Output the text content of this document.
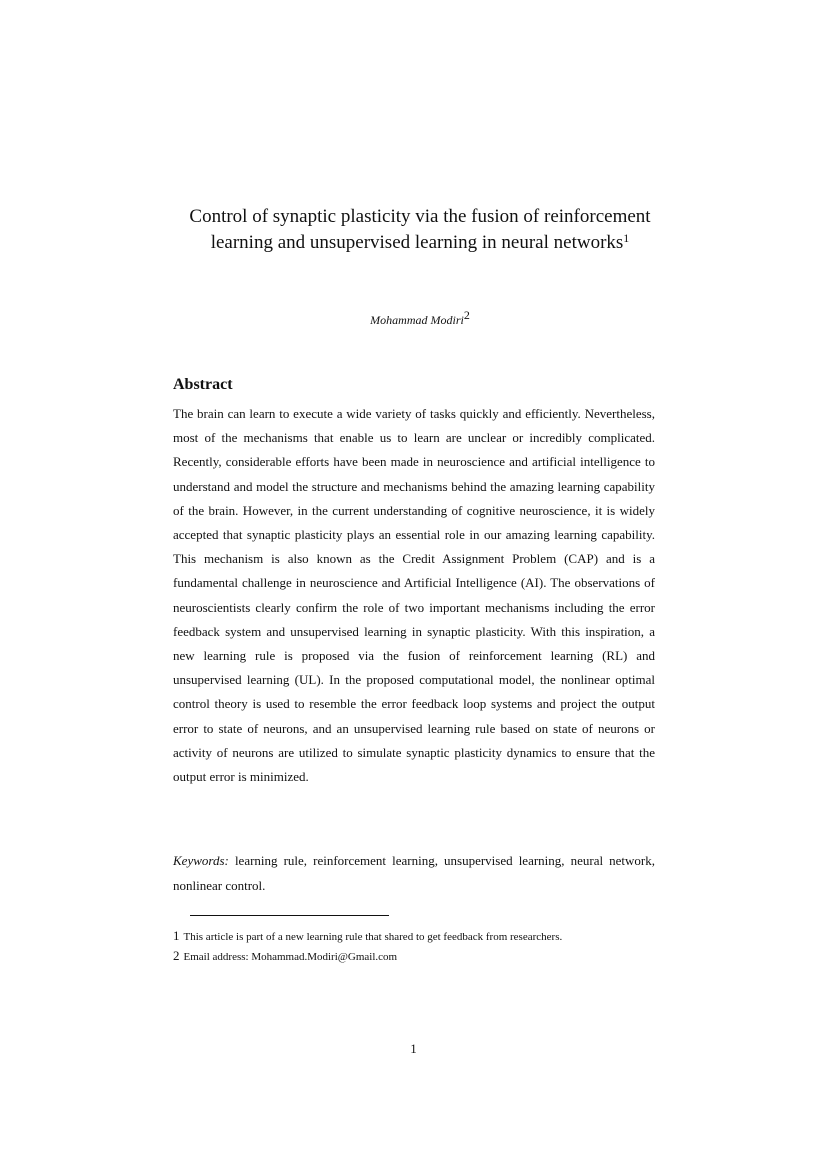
Control of synaptic plasticity via the fusion of reinforcement learning and unsupervised learning in neural networks$^1$
Mohammad Modiri$^2$
Abstract

The brain can learn to execute a wide variety of tasks quickly and efficiently. Nevertheless, most of the mechanisms that enable us to learn are unclear or incredibly complicated. Recently, considerable efforts have been made in neuroscience and artificial intelligence to understand and model the structure and mechanisms behind the amazing learning capability of the brain. However, in the current understanding of cognitive neuroscience, it is widely accepted that synaptic plasticity plays an essential role in our amazing learning capability. This mechanism is also known as the Credit Assignment Problem (CAP) and is a fundamental challenge in neuroscience and Artificial Intelligence (AI). The observations of neuroscientists clearly confirm the role of two important mechanisms including the error feedback system and unsupervised learning in synaptic plasticity. With this inspiration, a new learning rule is proposed via the fusion of reinforcement learning (RL) and unsupervised learning (UL). In the proposed computational model, the nonlinear optimal control theory is used to resemble the error feedback loop systems and project the output error to state of neurons, and an unsupervised learning rule based on state of neurons or activity of neurons are utilized to simulate synaptic plasticity dynamics to ensure that the output error is minimized.

Keywords: learning rule, reinforcement learning, unsupervised learning, neural network, nonlinear control.

1 This article is part of a new learning rule that shared to get feedback from researchers.
2 Email address: Mohammad.Modiri@Gmail.com
1
